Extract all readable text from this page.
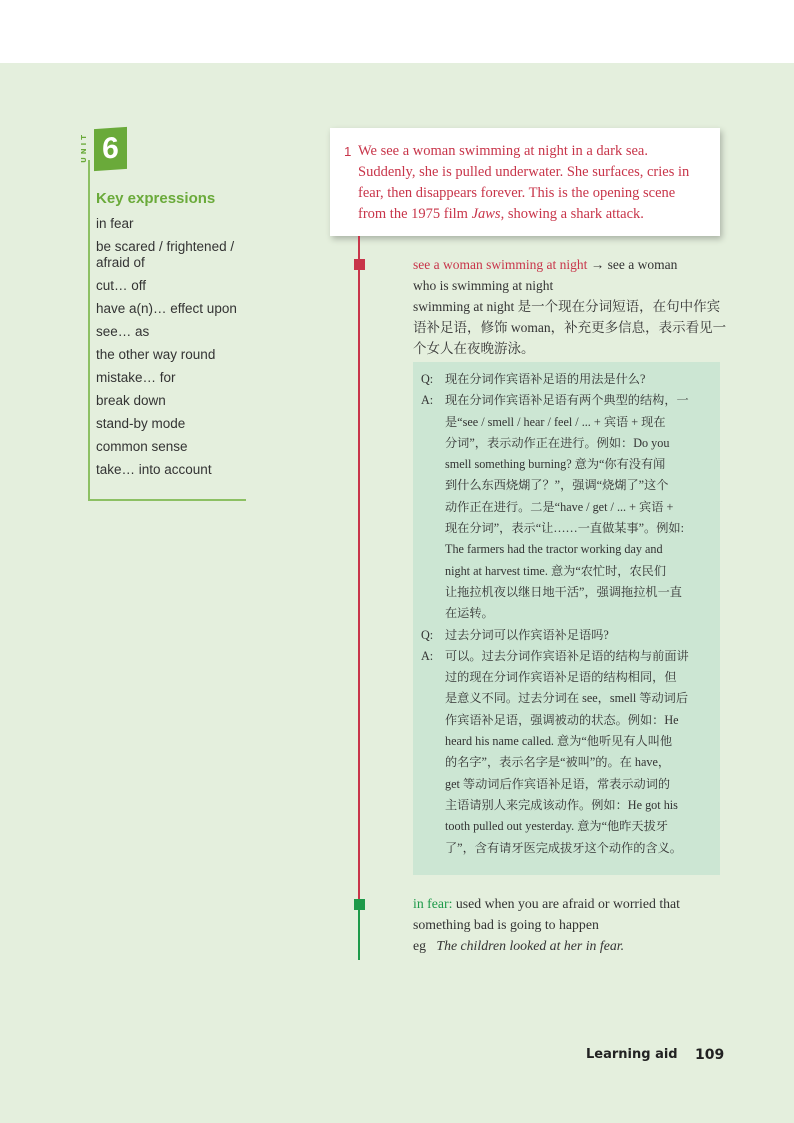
UNIT 6
Key expressions
in fear
be scared / frightened / afraid of
cut… off
have a(n)… effect upon
see… as
the other way round
mistake… for
break down
stand-by mode
common sense
take… into account
1 We see a woman swimming at night in a dark sea.
Suddenly, she is pulled underwater. She surfaces, cries in
fear, then disappears forever. This is the opening scene
from the 1975 film Jaws, showing a shark attack.
see a woman swimming at night → see a woman
who is swimming at night
swimming at night 是一个现在分词短语，在句中作宾
语补足语，修饰 woman，补充更多信息，表示看见一
个女人在夜晚游泳。
Q: 现在分词作宾语补足语的用法是什么?
A: 现在分词作宾语补足语有两个典型的结构，一
是“see / smell / hear / feel / ... + 宾语 + 现在
分词”，表示动作正在进行。例如：Do you
smell something burning? 意为“你有没有闻
到什么东西烧煳了？”，强调“烧煳了”这个
动作正在进行。二是“have / get / ... + 宾语 +
现在分词”，表示“让……一直做某事”。例如:
The farmers had the tractor working day and
night at harvest time. 意为“农忙时，农民们
让拖拉机夜以继日地干活”，强调拖拉机一直
在运转。
Q: 过去分词可以作宾语补足语吗?
A: 可以。过去分词作宾语补足语的结构与前面讲
过的现在分词作宾语补足语的结构相同，但
是意义不同。过去分词在 see，smell 等动词后
作宾语补足语，强调被动的状态。例如：He
heard his name called. 意为“他听见有人叫他
的名字”，表示名字是“被叫”的。在 have，
get 等动词后作宾语补足语，常表示动词的
主语请别人来完成该动作。例如：He got his
tooth pulled out yesterday. 意为“他昨天拔牙
了”，含有请牙医完成拔牙这个动作的含义。
in fear: used when you are afraid or worried that
something bad is going to happen
eg The children looked at her in fear.
Learning aid 109
